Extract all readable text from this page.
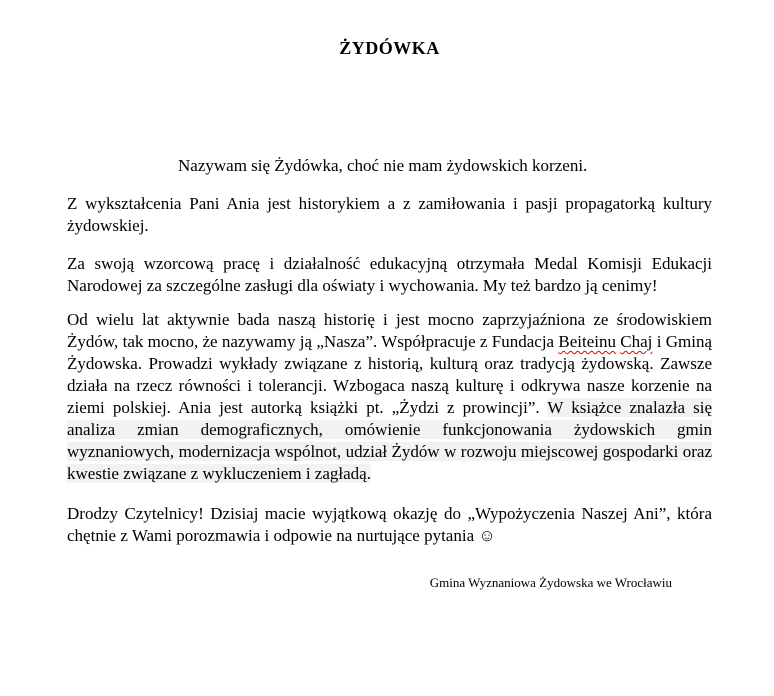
ŻYDÓWKA

Nazywam się Żydówka, choć nie mam żydowskich korzeni.

Z wykształcenia Pani Ania jest historykiem a z zamiłowania i pasji propagatorką kultury żydowskiej.

Za swoją wzorcową pracę i działalność edukacyjną otrzymała Medal Komisji Edukacji Narodowej za szczególne zasługi dla oświaty i wychowania. My też bardzo ją cenimy!

Od wielu lat aktywnie bada naszą historię i jest mocno zaprzyjaźniona ze środowiskiem Żydów, tak mocno, że nazywamy ją „Nasza”. Współpracuje z Fundacja Beiteinu Chaj i Gminą Żydowska. Prowadzi wykłady związane z historią, kulturą oraz tradycją żydowską. Zawsze działa na rzecz równości i tolerancji. Wzbogaca naszą kulturę i odkrywa nasze korzenie na ziemi polskiej. Ania jest autorką książki pt. „Żydzi z prowincji”. W książce znalazła się analiza zmian demograficznych, omówienie funkcjonowania żydowskich gmin wyznaniowych, modernizacja wspólnot, udział Żydów w rozwoju miejscowej gospodarki oraz kwestie związane z wykluczeniem i zagładą.

Drodzy Czytelnicy! Dzisiaj macie wyjątkową okazję do „Wypożyczenia Naszej Ani”, która chętnie z Wami porozmawia i odpowie na nurtujące pytania ☺

Gmina Wyznaniowa Żydowska we Wrocławiu
